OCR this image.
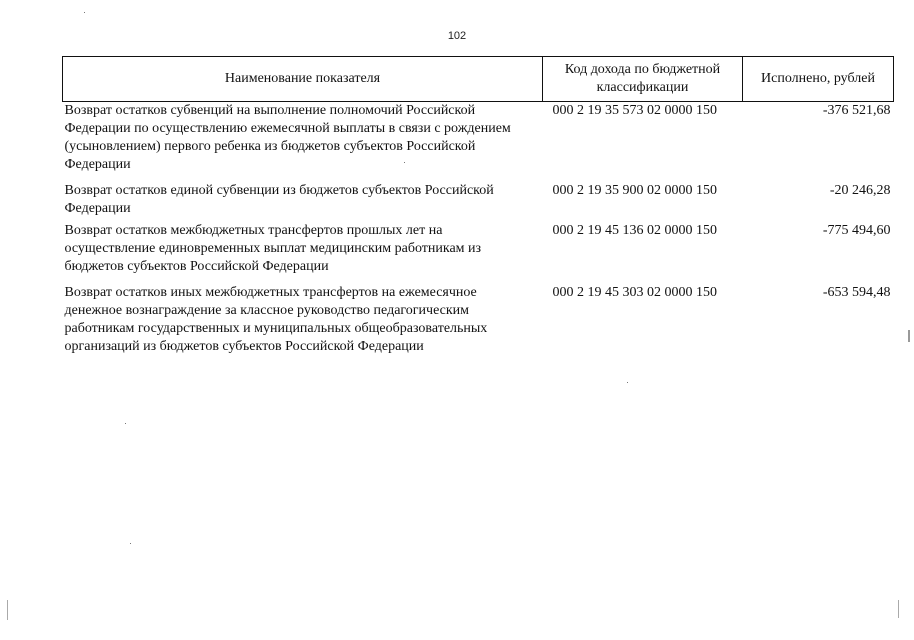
102
Наименование показателя	Код дохода по бюджетной классификации	Исполнено, рублей
Возврат остатков субвенций на выполнение полномочий Российской Федерации по осуществлению ежемесячной выплаты в связи с рождением (усыновлением) первого ребенка из бюджетов субъектов Российской Федерации	000 2 19 35 573 02 0000 150	-376 521,68
Возврат остатков единой субвенции из бюджетов субъектов Российской Федерации	000 2 19 35 900 02 0000 150	-20 246,28
Возврат остатков межбюджетных трансфертов прошлых лет на осуществление единовременных выплат медицинским работникам из бюджетов субъектов Российской Федерации	000 2 19 45 136 02 0000 150	-775 494,60
Возврат остатков иных межбюджетных трансфертов на ежемесячное денежное вознаграждение за классное руководство педагогическим работникам государственных и муниципальных общеобразовательных организаций из бюджетов субъектов Российской Федерации	000 2 19 45 303 02 0000 150	-653 594,48
